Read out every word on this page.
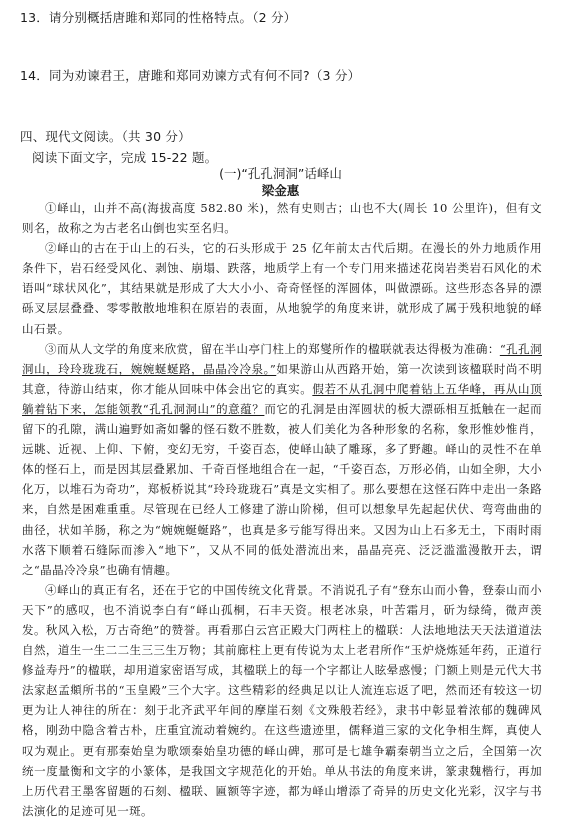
13．请分别概括唐雎和郑同的性格特点。（2 分）
14．同为劝谏君王，唐雎和郑同劝谏方式有何不同?（3 分）
四、现代文阅读。（共 30 分）
阅读下面文字，完成 15-22 题。
(一)“孔孔洞洞”话峄山
梁金惠

①峄山，山并不高(海拔高度 582.80 米)，然有史则古；山也不大(周长 10 公里许)，但有文则名，故称之为古老名山倒也实至名归。

②峄山的古在于山上的石头，它的石头形成于 25 亿年前太古代后期。在漫长的外力地质作用条件下，岩石经受风化、剥蚀、崩塌、跌落，地质学上有一个专门用来描述花岗岩类岩石风化的术语叫“球状风化”，其结果就是形成了大大小小、奇奇怪怪的浑圆体，叫做漂砾。这些形态各异的漂砾叉层层叠叠、零零散散地堆积在原岩的表面，从地貌学的角度来讲，就形成了属于残积地貌的峄山石景。

③而从人文学的角度来欣赏，留在半山亭门柱上的郑燮所作的楹联就表达得极为准确：“孔孔洞洞山，玲玲珑珑石，婉婉蜒蜒路，晶晶冷冷泉。”如果游山从西路开始，第一次读到该楹联时尚不明其意，待游山结束，你才能从回味中体会出它的真实。假若不从孔洞中爬着钻上五华峰，再从山顶躺着钻下来，怎能领教“孔孔洞洞山”的意蕴？而它的孔洞是由浑圆状的板大漂砾相互抵触在一起而留下的孔隙，满山遍野如斋如馨的怪石数不胜数，被人们美化为各种形象的名称，象形惟妙惟肖，远眺、近视、上仰、下俯，变幻无穷，千姿百态，使峄山缺了雕琢，多了野趣。峄山的灵性不在单体的怪石上，而是因其层叠累加、千奇百怪地组合在一起，“千姿百态，万形必俏，山如全卵，大小化万，以堆石为奇功”，郑板桥说其“玲玲珑珑石”真是文实相了。那么要想在这怪石阵中走出一条路来，自然是困难重重。尽管现在已经人工修建了游山阶梯，但可以想象早先起起伏伏、弯弯曲曲的曲径，状如羊肠，称之为“婉婉蜒蜒路”，也真是多亏能写得出来。又因为山上石多无土，下雨时雨水落下顺着石缝际而渗入“地下”，又从不同的低处潜流出来，晶晶亮亮、泛泛滥滥漫散开去，谓之“晶晶冷冷泉”也确有情趣。

④峄山的真正有名，还在于它的中国传统文化背景。不消说孔子有“登东山而小鲁，登泰山而小天下”的感叹，也不消说李白有“峄山孤桐，石丰天资。根老冰泉，叶苦霜月，斫为绿绮，微声羡发。秋风入松，万古奇绝”的赞誉。再看那白云宫正殿大门两柱上的楹联：人法地地法天天法道道法自然，道生一生二二生三三生万物；其前廊柱上更有传说为太上老君所作“玉炉烧炼延年药，正道行修益寿丹”的楹联，却用道家密语写成，其楹联上的每一个字都让人眩晕惑慢；门额上则是元代大书法家赵孟頫所书的“玉皇殿”三个大字。这些精彩的经典足以让人流连忘返了吧，然而还有较这一切更为让人神往的所在：刻于北齐武平年间的摩崖石刻《文殊般若经》，隶书中彰显着浓郁的魏碑风格，刚劲中隐含着古朴，庄重宜流动着婉约。在这些遗迹里，儒释道三家的文化争相生辉，真使人叹为观止。更有那秦始皇为歌颂秦始皇功德的峄山碑，那可是七雄争霸秦朝当立之后，全国第一次统一度量衡和文字的小篆体，是我国文字规范化的开始。单从书法的角度来讲，篆隶魏楷行，再加上历代君王墨客留题的石刻、楹联、匾额等字迹，都为峄山增添了奇异的历史文化光彩，汉字与书法演化的足迹可见一斑。
